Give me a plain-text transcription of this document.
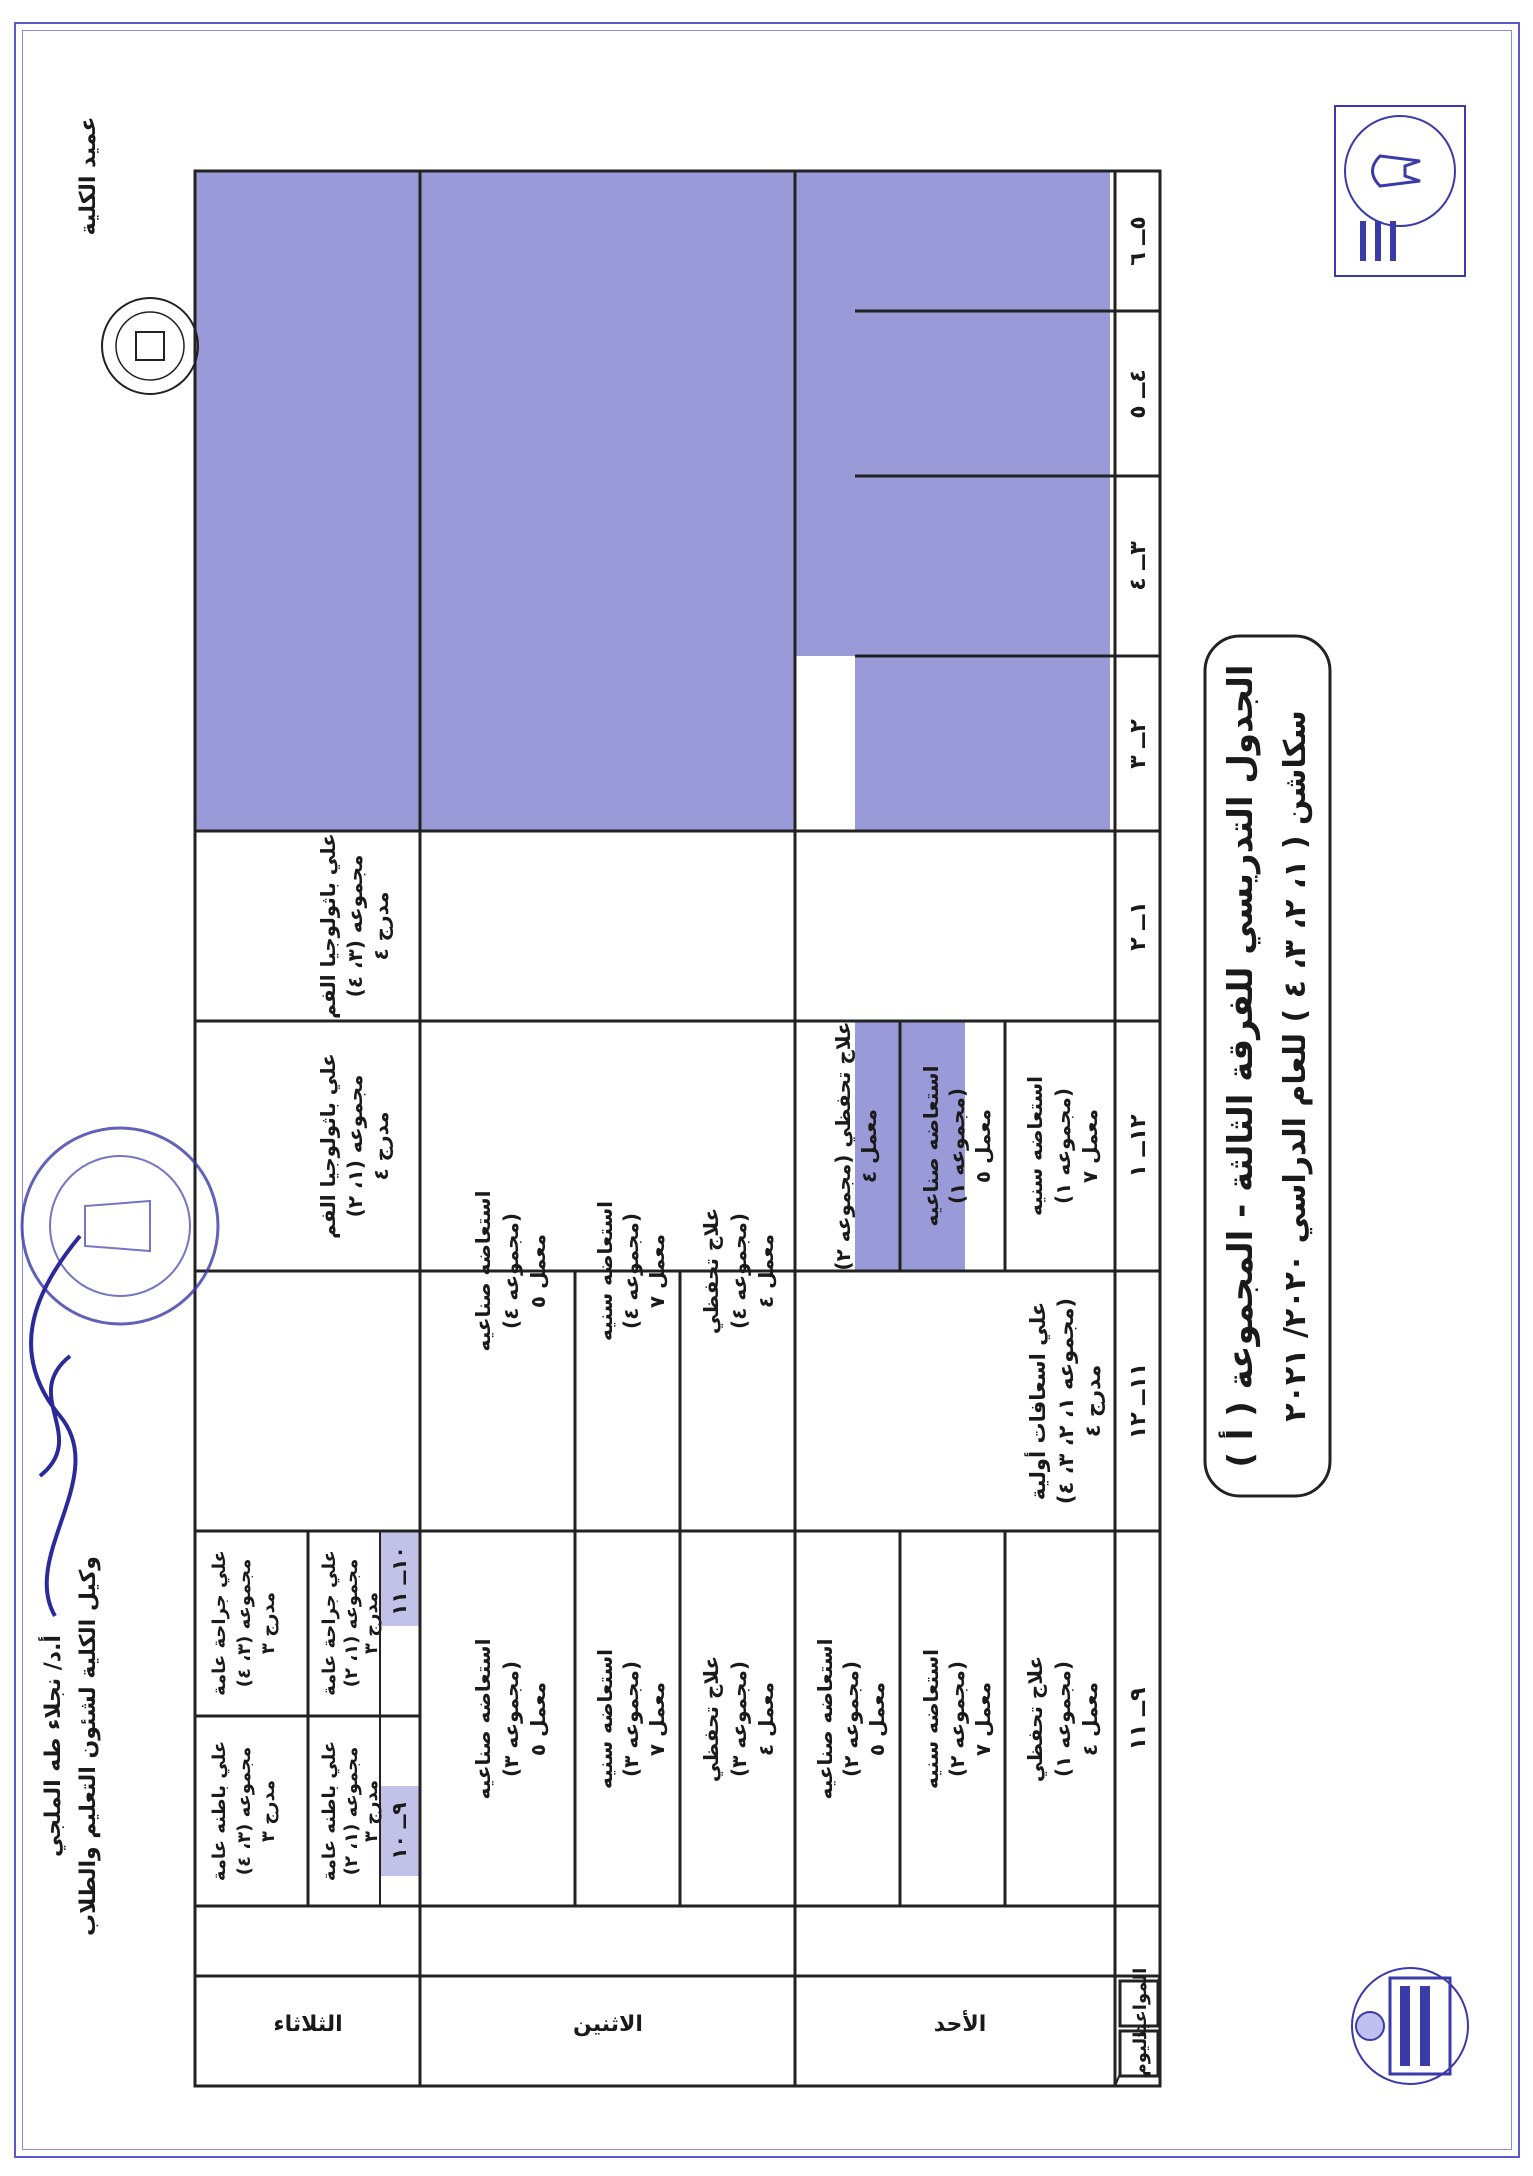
الجدول التدريسي للفرقة الثالثة - المجموعة ( أ ) سكاشن ( ١، ٢، ٣، ٤ ) للعام الدراسي ٢٠٢٠/ ٢٠٢١
المواعيد
اليوم
٩ــ ١١
١١ــ ١٢
١٢ــ ١
١ــ ٢
٢ــ ٣
٣ــ ٤
٤ــ ٥
٥ــ ٦
الأحد
الاثنين
الثلاثاء
علاج تحفظي (مجموعه ١) معمل ٤
استعاضه سنيه (مجموعه ٢) معمل ٧
استعاضه صناعيه (مجموعه ٢) معمل ٥
علي اسعافات أولية (مجموعه ١، ٢، ٣، ٤)
مدرج ٤
استعاضه سنيه (مجموعه ١) معمل ٧
استعاضه صناعيه (مجموعه ١) معمل ٥
علاج تحفظي (مجموعه ٢) معمل ٤
علاج تحفظي (مجموعه ٣) معمل ٤
استعاضه سنيه (مجموعه ٣) معمل ٧
استعاضه صناعيه (مجموعه ٣) معمل ٥
علاج تحفظي (مجموعه ٤) معمل ٤
استعاضه سنيه (مجموعه ٤) معمل ٧
استعاضه صناعيه (مجموعه ٤) معمل ٥
٩ــ ١٠
١٠ــ ١١
علي باطنه عامة مجموعه (١، ٢)
مدرج ٣
علي باطنه عامة مجموعه (٣، ٤)
مدرج ٣
علي جراحة عامة مجموعه (١، ٢)
مدرج ٣
علي جراحة عامة مجموعه (٣، ٤)
مدرج ٣
علي باثولوجيا الفم مجموعه (١، ٢)
مدرج ٤
علي باثولوجيا الفم مجموعه (٣، ٤)
مدرج ٤
عميد الكلية
وكيل الكلية لشئون التعليم والطلاب
أ.د/ نجلاء طه الملجي
